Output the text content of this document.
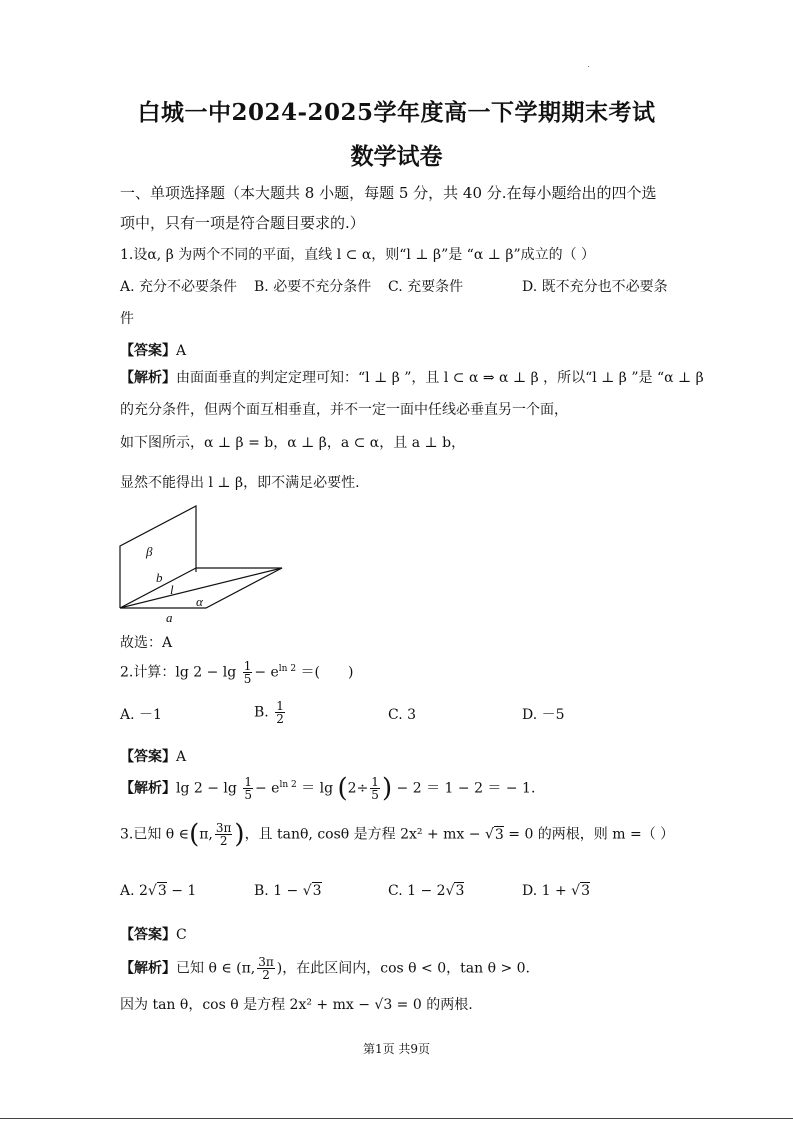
白城一中2024-2025学年度高一下学期期末考试
数学试卷
一、单项选择题（本大题共 8 小题，每题 5 分，共 40 分.在每小题给出的四个选
项中，只有一项是符合题目要求的.）
1.设α, β 为两个不同的平面，直线 l ⊂ α，则“l ⊥ β”是 “α ⊥ β”成立的（ ）
A. 充分不必要条件 B. 必要不充分条件 C. 充要条件	D. 既不充分也不必要条
件
【答案】A
【解析】由面面垂直的判定定理可知：“l ⊥ β ”，且 l ⊂ α ⇒ α ⊥ β ，所以“l ⊥ β ”是 “α ⊥ β
的充分条件，但两个面互相垂直，并不一定一面中任线必垂直另一个面，
如下图所示，α ⊥ β = b，α ⊥ β，a ⊂ α，且 a ⊥ b，
显然不能得出 l ⊥ β，即不满足必要性.
β
b
l
α
a
故选：A
2.计算：$\lg 2 - \lg \frac{1}{5} - e^{ln 2}$ ＝(　　)
A. －1	B. $\frac{1}{2}$	C. 3	D. －5
【答案】A
【解析】$\lg 2 - \lg \frac{1}{5} - e^{ln 2} = \lg (2\div \frac{1}{5}$ ) − 2 ＝ 1 − 2 ＝ − 1.
3.已知 θ ∈(π, $\frac{3\pi}{2}$ )，且 tanθ, cosθ 是方程 2x² + mx − √3 = 0 的两根，则 m =（ ）
A. 2√3 − 1	B. 1 − √3	C. 1 − 2√3	D. 1 + √3
【答案】C
【解析】已知 θ ∈ (π, $\frac{3\pi}{2}$ )，在此区间内，cos θ < 0，tan θ > 0.
因为 tan θ，cos θ 是方程 2x² + mx − √3 = 0 的两根.
第1页 共9页
